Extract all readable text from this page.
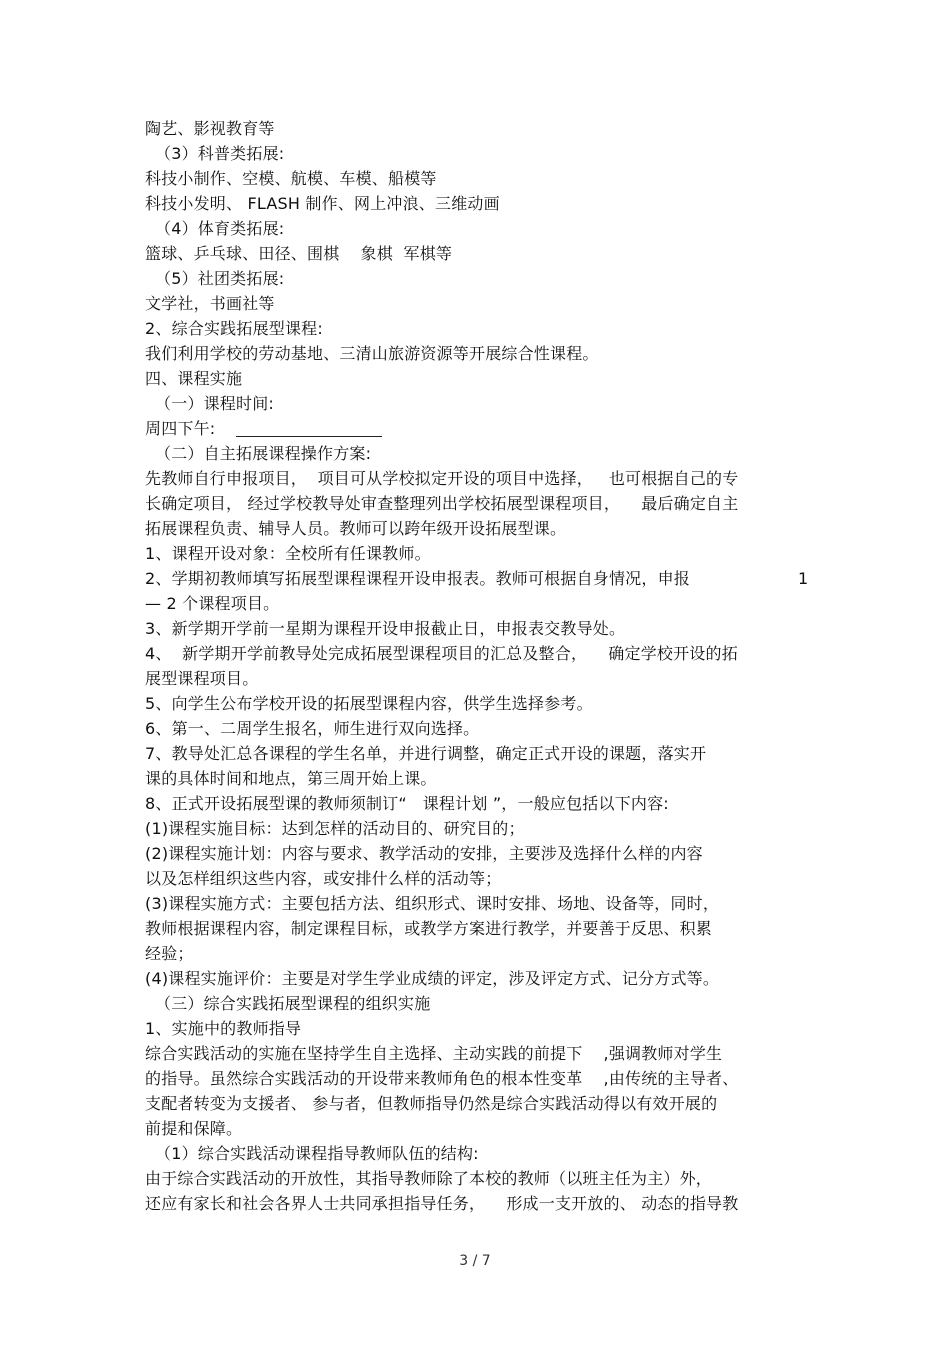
陶艺、影视教育等
（3）科普类拓展:
科技小制作、空模、航模、车模、船模等
科技小发明、 FLASH 制作、网上冲浪、三维动画
（4）体育类拓展:
篮球、乒乓球、田径、围棋    象棋  军棋等
（5）社团类拓展:
文学社，书画社等
2、综合实践拓展型课程:
我们利用学校的劳动基地、三清山旅游资源等开展综合性课程。
四、课程实施
（一）课程时间:
周四下午:
（二）自主拓展课程操作方案:
先教师自行申报项目，  项目可从学校拟定开设的项目中选择，   也可根据自己的专
长确定项目， 经过学校教导处审查整理列出学校拓展型课程项目，    最后确定自主
拓展课程负责、辅导人员。教师可以跨年级开设拓展型课。
1、课程开设对象：全校所有任课教师。
2、学期初教师填写拓展型课程课程开设申报表。教师可根据自身情况，申报	1
— 2 个课程项目。
3、新学期开学前一星期为课程开设申报截止日，申报表交教导处。
4、  新学期开学前教导处完成拓展型课程项目的汇总及整合，    确定学校开设的拓
展型课程项目。
5、向学生公布学校开设的拓展型课程内容，供学生选择参考。
6、第一、二周学生报名，师生进行双向选择。
7、教导处汇总各课程的学生名单，并进行调整，确定正式开设的课题，落实开
课的具体时间和地点，第三周开始上课。
8、正式开设拓展型课的教师须制订“   课程计划 ”，一般应包括以下内容:
(1)课程实施目标：达到怎样的活动目的、研究目的；
(2)课程实施计划：内容与要求、教学活动的安排，主要涉及选择什么样的内容
以及怎样组织这些内容，或安排什么样的活动等；
(3)课程实施方式：主要包括方法、组织形式、课时安排、场地、设备等，同时，
教师根据课程内容，制定课程目标，或教学方案进行教学，并要善于反思、积累
经验；
(4)课程实施评价：主要是对学生学业成绩的评定，涉及评定方式、记分方式等。
（三）综合实践拓展型课程的组织实施
1、实施中的教师指导
综合实践活动的实施在坚持学生自主选择、主动实践的前提下    ,强调教师对学生
的指导。虽然综合实践活动的开设带来教师角色的根本性变革    ,由传统的主导者、
支配者转变为支援者、 参与者，但教师指导仍然是综合实践活动得以有效开展的
前提和保障。
（1）综合实践活动课程指导教师队伍的结构:
由于综合实践活动的开放性，其指导教师除了本校的教师（以班主任为主）外，
还应有家长和社会各界人士共同承担指导任务，    形成一支开放的、 动态的指导教
3 / 7
